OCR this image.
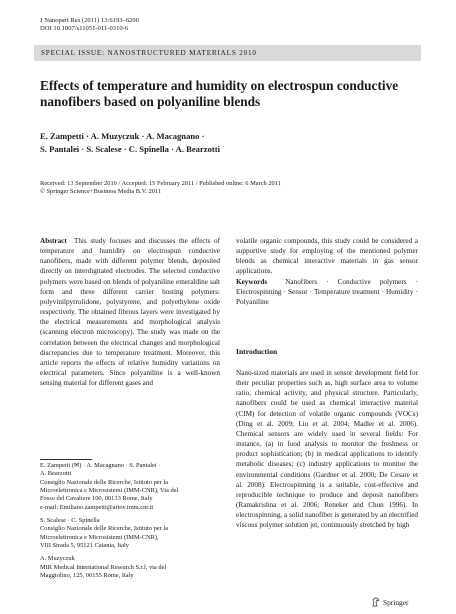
J Nanopart Res (2011) 13:6193–6200
DOI 10.1007/s11051-011-0310-6
SPECIAL ISSUE: NANOSTRUCTURED MATERIALS 2010
Effects of temperature and humidity on electrospun conductive nanofibers based on polyaniline blends
E. Zampetti · A. Muzyczuk · A. Macagnano ·
S. Pantalei · S. Scalese · C. Spinella · A. Bearzotti
Received: 13 September 2010 / Accepted: 15 February 2011 / Published online: 6 March 2011
© Springer Science+Business Media B.V. 2011

Abstract This study focuses and discusses the effects of temperature and humidity on electrospun conductive nanofibers, made with different polymer blends, deposited directly on interdigitated electrodes. The selected conductive polymers were based on blends of polyaniline emeraldine salt form and three different carrier hosting polymers: polyvinilpyrrolidone, polystyrene, and polyethylene oxide respectively. The obtained fibrous layers were investigated by the electrical measurements and morphological analysis (scanning electron microscopy). The study was made on the correlation between the electrical changes and morphological discrepancies due to temperature treatment. Moreover, this article reports the effects of relative humidity variations on electrical parameters. Since polyaniline is a well-known sensing material for different gases and

volatile organic compounds, this study could be considered a supportive study for employing of the mentioned polymer blends as chemical interactive materials in gas sensor applications.

Keywords	Nanofibers · Conductive polymers · Electrospinning · Sensor · Temperature treatment · Humidity · Polyaniline

Introduction

Nano-sized materials are used in sensor development field for their peculiar properties such as, high surface area to volume ratio, chemical activity, and physical structure. Particularly, nanofibers could be used as chemical interactive material (CIM) for detection of volatile organic compounds (VOCs) (Ding et al. 2009; Liu et al. 2004; Madler et al. 2006). Chemical sensors are widely used in several fields: For instance, (a) in food analysis to monitor the freshness or product sophistication; (b) in medical applications to identify metabolic diseases; (c) industry applications to monitor the environmental conditions (Gardner et al. 2000; De Cesare et al. 2008). Electrospinning is a suitable, cost-effective and reproducible technique to produce and deposit nanofibers (Ramakrishna et al. 2006; Reneker and Chun 1996). In electrospinning, a solid nanofiber is generated by an electrified viscous polymer solution jet, continuously stretched by high

E. Zampetti (✉) · A. Macagnano · S. Pantalei ·
A. Bearzotti
Consiglio Nazionale delle Ricerche, Istituto per la
Microelettronica e Microsistemi (IMM-CNR), Via del
Fosso del Cavaliere 100, 00133 Rome, Italy
e-mail: Emiliano.zampetti@artov.imm.cnr.it
S. Scalese · C. Spinella
Consiglio Nazionale delle Ricerche, Istituto per la
Microelettronica e Microsistemi (IMM-CNR),
VIII Strada 5, 95121 Catania, Italy
A. Muzyczuk
MIR Medical International Research S.r.l, via del
Maggiolino, 125, 00155 Rome, Italy
Springer
